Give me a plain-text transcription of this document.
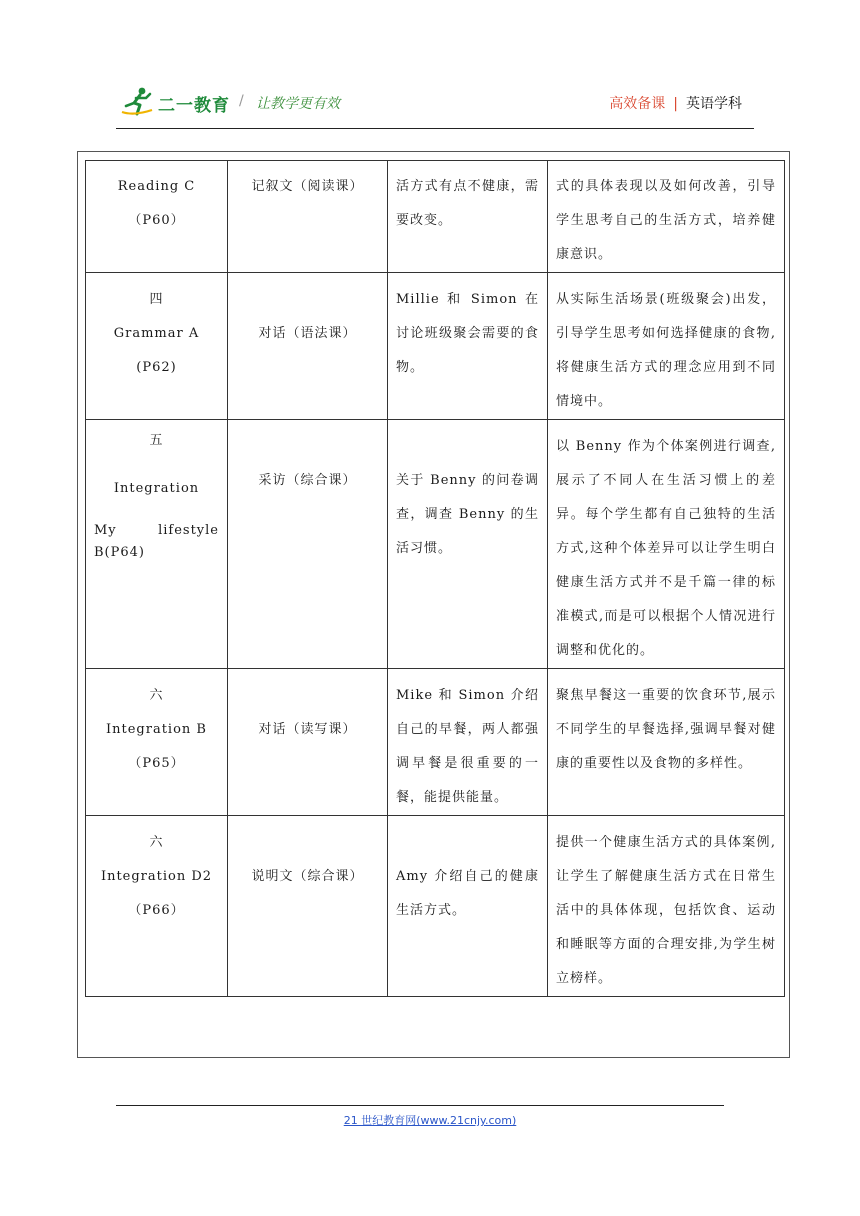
二一教育 / 让教学更有效	高效备课 | 英语学科
Reading C（P60）	记叙文（阅读课）	活方式有点不健康，需要改变。	式的具体表现以及如何改善，引导学生思考自己的生活方式，培养健康意识。

四
Grammar A (P62)	对话（语法课）	Millie 和 Simon 在讨论班级聚会需要的食物。	从实际生活场景(班级聚会)出发，引导学生思考如何选择健康的食物,将健康生活方式的理念应用到不同情境中。

五
Integration
My lifestyle
B(P64)	采访（综合课）	关于 Benny 的问卷调查，调查 Benny 的生活习惯。	以 Benny 作为个体案例进行调查,展示了不同人在生活习惯上的差异。每个学生都有自己独特的生活方式,这种个体差异可以让学生明白健康生活方式并不是千篇一律的标准模式,而是可以根据个人情况进行调整和优化的。

六
Integration B（P65）	对话（读写课）	Mike 和 Simon 介绍自己的早餐，两人都强调早餐是很重要的一餐，能提供能量。	聚焦早餐这一重要的饮食环节,展示不同学生的早餐选择,强调早餐对健康的重要性以及食物的多样性。

六
Integration D2
（P66）	说明文（综合课）	Amy 介绍自己的健康生活方式。	提供一个健康生活方式的具体案例,让学生了解健康生活方式在日常生活中的具体体现，包括饮食、运动和睡眠等方面的合理安排,为学生树立榜样。
21 世纪教育网(www.21cnjy.com)
